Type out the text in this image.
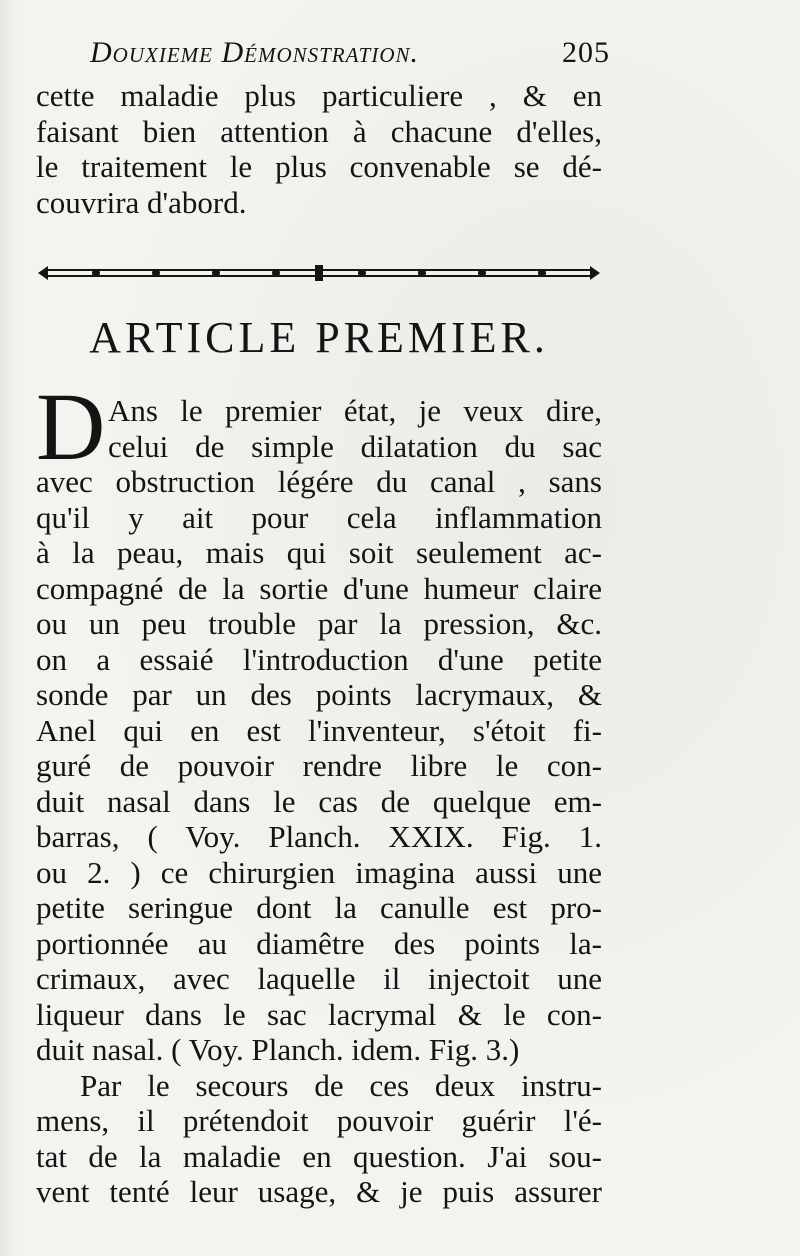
Douxieme Démonstration.	205
cette maladie plus particuliere , & en
faisant bien attention à chacune d'elles,
le traitement le plus convenable se dé-
couvrira d'abord.
ARTICLE PREMIER.
D Ans le premier état, je veux dire,
celui de simple dilatation du sac
avec obstruction légére du canal , sans
qu'il y ait pour cela inflammation
à la peau, mais qui soit seulement ac-
compagné de la sortie d'une humeur claire
ou un peu trouble par la pression, &c.
on a essaié l'introduction d'une petite
sonde par un des points lacrymaux, &
Anel qui en est l'inventeur, s'étoit fi-
guré de pouvoir rendre libre le con-
duit nasal dans le cas de quelque em-
barras, ( Voy. Planch. XXIX. Fig. 1.
ou 2. ) ce chirurgien imagina aussi une
petite seringue dont la canulle est pro-
portionnée au diamêtre des points la-
crimaux, avec laquelle il injectoit une
liqueur dans le sac lacrymal & le con-
duit nasal. ( Voy. Planch. idem. Fig. 3.)
Par le secours de ces deux instru-
mens, il prétendoit pouvoir guérir l'é-
tat de la maladie en question. J'ai sou-
vent tenté leur usage, & je puis assurer
